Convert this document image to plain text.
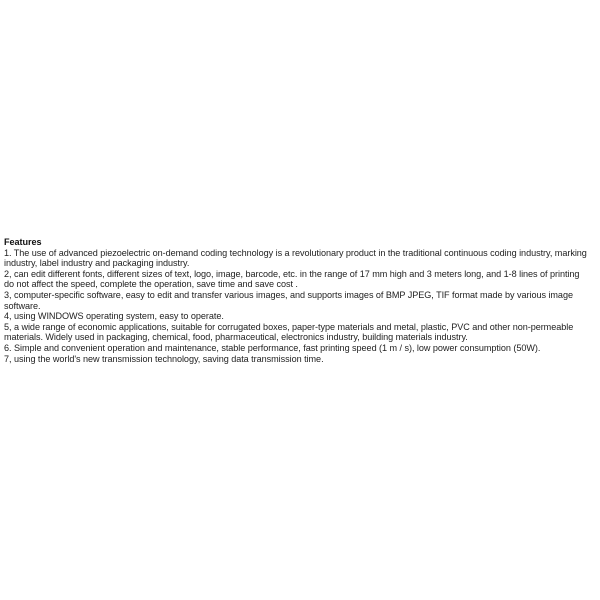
Features

1. The use of advanced piezoelectric on-demand coding technology is a revolutionary product in the traditional continuous coding industry, marking industry, label industry and packaging industry.

2, can edit different fonts, different sizes of text, logo, image, barcode, etc. in the range of 17 mm high and 3 meters long, and 1-8 lines of printing do not affect the speed, complete the operation, save time and save cost .

3, computer-specific software, easy to edit and transfer various images, and supports images of BMP JPEG, TIF format made by various image software.

4, using WINDOWS operating system, easy to operate.

5, a wide range of economic applications, suitable for corrugated boxes, paper-type materials and metal, plastic, PVC and other non-permeable materials. Widely used in packaging, chemical, food, pharmaceutical, electronics industry, building materials industry.

6. Simple and convenient operation and maintenance, stable performance, fast printing speed (1 m / s), low power consumption (50W).

7, using the world's new transmission technology, saving data transmission time.
